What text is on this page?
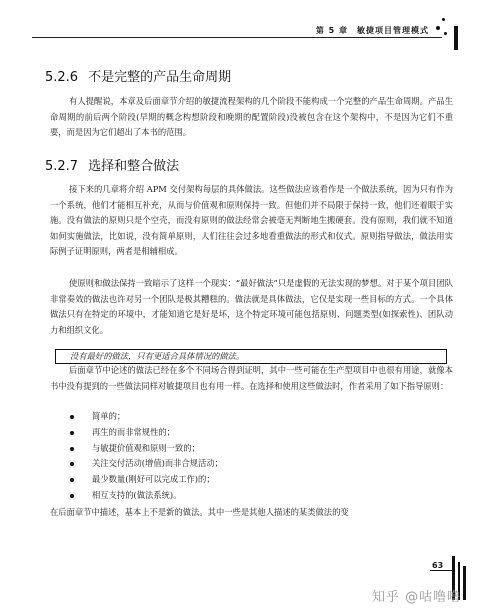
第 5 章　敏捷项目管理模式
5.2.6 不是完整的产品生命周期

有人提醒说，本章及后面章节介绍的敏捷流程架构的几个阶段不能构成一个完整的产品生命周期。产品生命周期的前后两个阶段(早期的概念构想阶段和晚期的配置阶段)没被包含在这个架构中，不是因为它们不重要，而是因为它们超出了本书的范围。

5.2.7 选择和整合做法

接下来的几章将介绍 APM 交付架构每层的具体做法。这些做法应该看作是一个做法系统，因为只有作为一个系统，他们才能相互补充，从而与价值观和原则保持一致。但他们并不局限于保持一致，他们还着眼于实施。没有做法的原则只是个空壳，而没有原则的做法经常会被毫无判断地生搬硬套。没有原则，我们就不知道如何实施做法，比如说，没有简单原则，人们往往会过多地看重做法的形式和仪式。原则指导做法，做法用实际例子证明原则，两者是相辅相成。

使原则和做法保持一致暗示了这样一个现实：“最好做法”只是虚假的无法实现的梦想。对于某个项目团队非常奏效的做法也许对另一个团队是极其糟糕的。做法就是具体做法，它仅是实现一些目标的方式。一个具体做法只有在特定的环境中，才能知道它是好是坏，这个特定环境可能包括原则、问题类型(如探索性)、团队动力和组织文化。

没有最好的做法，只有更适合具体情况的做法。

后面章节中论述的做法已经在多个不同场合得到证明，其中一些可能在生产型项目中也很有用途，就像本书中没有提到的一些做法同样对敏捷项目也有用一样。在选择和使用这些做法时，作者采用了如下指导原则：

简单的；
再生的而非常规性的；
与敏捷价值观和原则一致的；
关注交付活动(增值)而非合规活动；
最少数量(刚好可以完成工作)的；
相互支持的(做法系统)。

在后面章节中描述，基本上不是新的做法。其中一些是其他人描述的某类做法的变

63
知乎 @咕噜噜
